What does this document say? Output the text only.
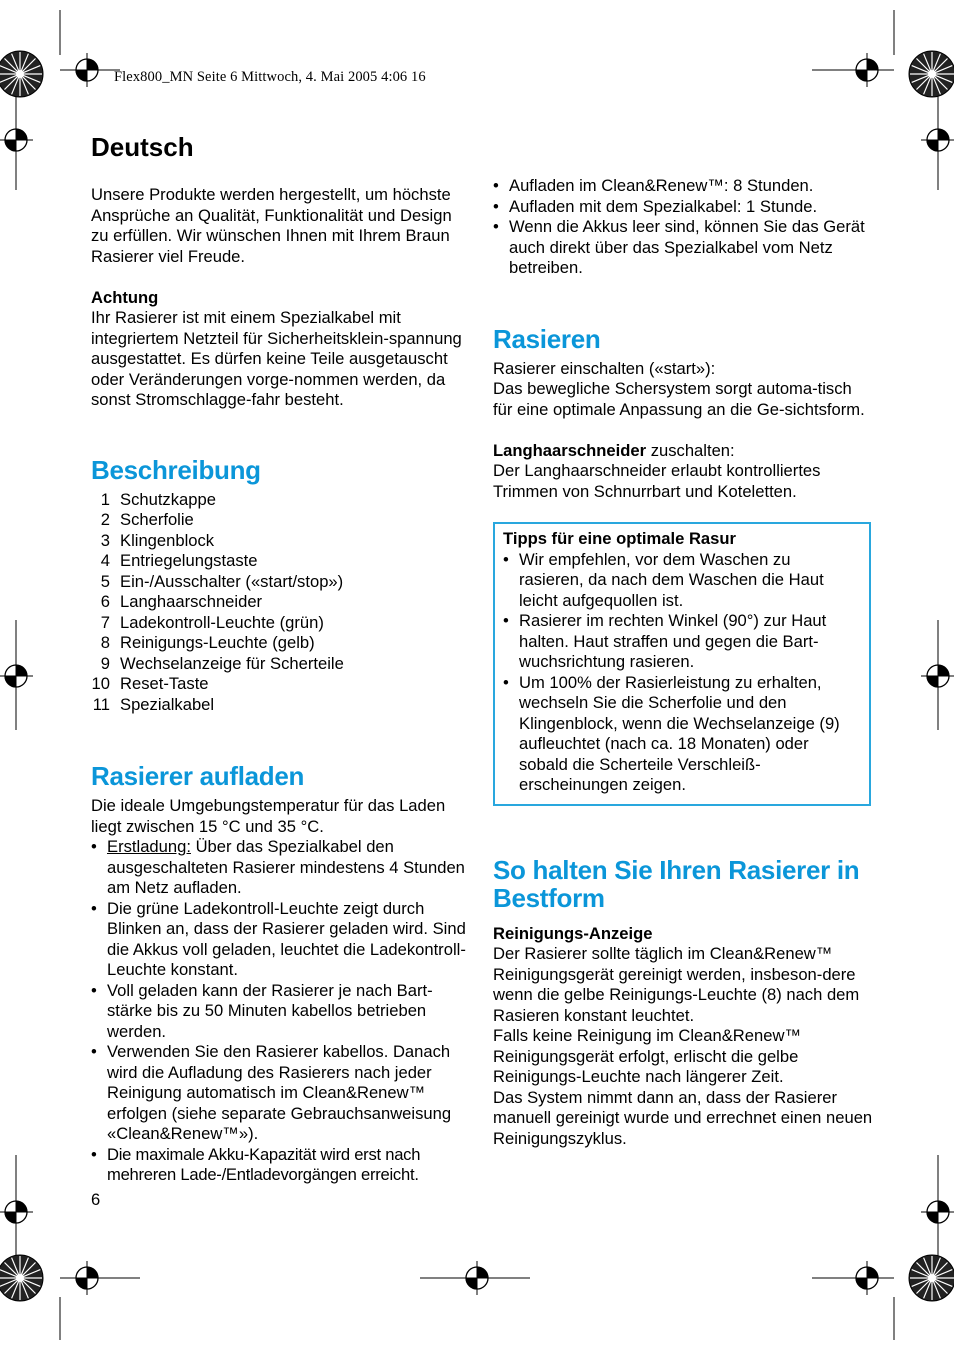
Flex800_MN Seite 6 Mittwoch, 4. Mai 2005 4:06 16
Deutsch

Unsere Produkte werden hergestellt, um höchste Ansprüche an Qualität, Funktionalität und Design zu erfüllen. Wir wünschen Ihnen mit Ihrem Braun Rasierer viel Freude.

Achtung

Ihr Rasierer ist mit einem Spezialkabel mit integriertem Netzteil für Sicherheitsklein-spannung ausgestattet. Es dürfen keine Teile ausgetauscht oder Veränderungen vorge-nommen werden, da sonst Stromschlagge-fahr besteht.

Beschreibung
1 Schutzkappe
2 Scherfolie
3 Klingenblock
4 Entriegelungstaste
5 Ein-/Ausschalter («start/stop»)
6 Langhaarschneider
7 Ladekontroll-Leuchte (grün)
8 Reinigungs-Leuchte (gelb)
9 Wechselanzeige für Scherteile
10 Reset-Taste
11 Spezialkabel
Rasierer aufladen

Die ideale Umgebungstemperatur für das Laden liegt zwischen 15 °C und 35 °C.

• Erstladung: Über das Spezialkabel den ausgeschalteten Rasierer mindestens 4 Stunden am Netz aufladen.
• Die grüne Ladekontroll-Leuchte zeigt durch Blinken an, dass der Rasierer geladen wird. Sind die Akkus voll geladen, leuchtet die Ladekontroll-Leuchte konstant.
• Voll geladen kann der Rasierer je nach Bart-stärke bis zu 50 Minuten kabellos betrieben werden.
• Verwenden Sie den Rasierer kabellos. Danach wird die Aufladung des Rasierers nach jeder Reinigung automatisch im Clean&Renew™ erfolgen (siehe separate Gebrauchsanweisung «Clean&Renew™»).
• Die maximale Akku-Kapazität wird erst nach mehreren Lade-/Entladevorgängen erreicht.
• Aufladen im Clean&Renew™: 8 Stunden.
• Aufladen mit dem Spezialkabel: 1 Stunde.
• Wenn die Akkus leer sind, können Sie das Gerät auch direkt über das Spezialkabel vom Netz betreiben.
Rasieren

Rasierer einschalten («start»):

Das bewegliche Schersystem sorgt automa-tisch für eine optimale Anpassung an die Ge-sichtsform.

Langhaarschneider zuschalten:

Der Langhaarschneider erlaubt kontrolliertes Trimmen von Schnurrbart und Koteletten.

Tipps für eine optimale Rasur

• Wir empfehlen, vor dem Waschen zu rasieren, da nach dem Waschen die Haut leicht aufgequollen ist.
• Rasierer im rechten Winkel (90°) zur Haut halten. Haut straffen und gegen die Bart-wuchsrichtung rasieren.
• Um 100% der Rasierleistung zu erhalten, wechseln Sie die Scherfolie und den Klingenblock, wenn die Wechselanzeige (9) aufleuchtet (nach ca. 18 Monaten) oder sobald die Scherteile Verschleiß-erscheinungen zeigen.
So halten Sie Ihren Rasierer in Bestform

Reinigungs-Anzeige

Der Rasierer sollte täglich im Clean&Renew™ Reinigungsgerät gereinigt werden, insbeson-dere wenn die gelbe Reinigungs-Leuchte (8) nach dem Rasieren konstant leuchtet.

Falls keine Reinigung im Clean&Renew™ Reinigungsgerät erfolgt, erlischt die gelbe Reinigungs-Leuchte nach längerer Zeit.

Das System nimmt dann an, dass der Rasierer manuell gereinigt wurde und errechnet einen neuen Reinigungszyklus.

6
